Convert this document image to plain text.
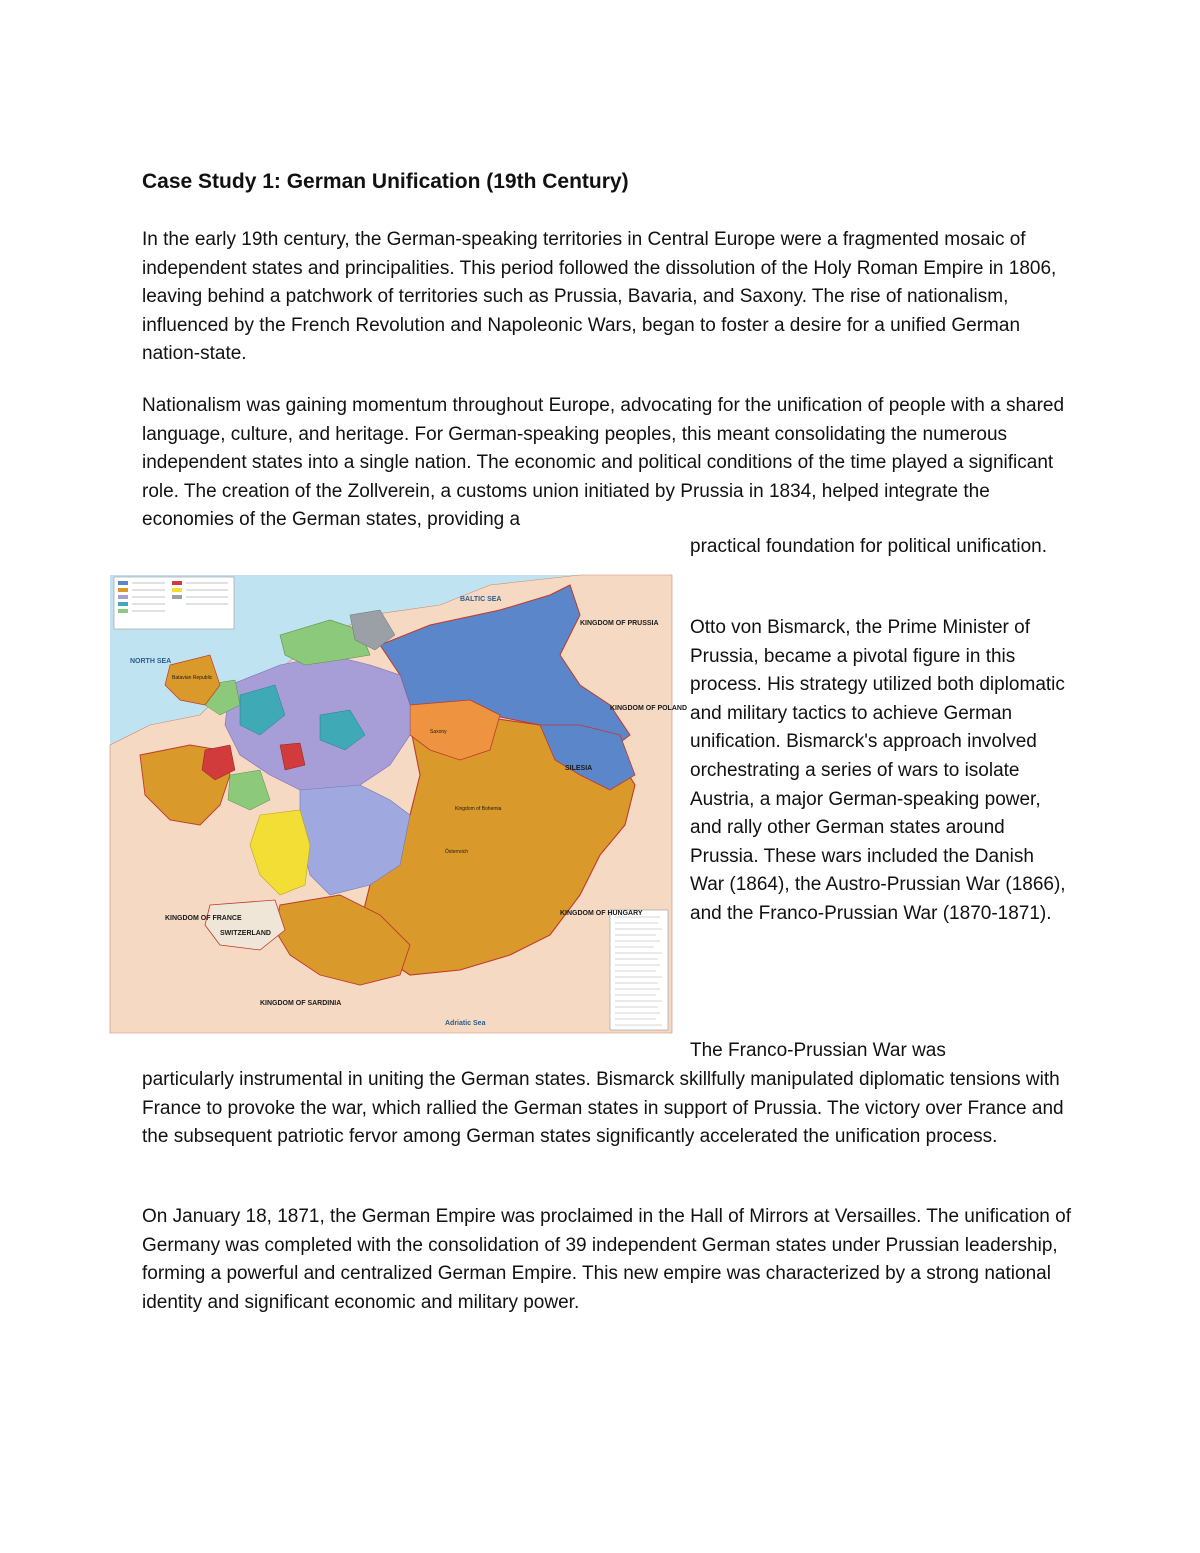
Case Study 1: German Unification (19th Century)

In the early 19th century, the German-speaking territories in Central Europe were a fragmented mosaic of independent states and principalities. This period followed the dissolution of the Holy Roman Empire in 1806, leaving behind a patchwork of territories such as Prussia, Bavaria, and Saxony. The rise of nationalism, influenced by the French Revolution and Napoleonic Wars, began to foster a desire for a unified German nation-state.

Nationalism was gaining momentum throughout Europe, advocating for the unification of people with a shared language, culture, and heritage. For German-speaking peoples, this meant consolidating the numerous independent states into a single nation. The economic and political conditions of the time played a significant role. The creation of the Zollverein, a customs union initiated by Prussia in 1834, helped integrate the economies of the German states, providing a

practical foundation for political unification.

Otto von Bismarck, the Prime Minister of Prussia, became a pivotal figure in this process. His strategy utilized both diplomatic and military tactics to achieve German unification. Bismarck's approach involved orchestrating a series of wars to isolate Austria, a major German-speaking power, and rally other German states around Prussia. These wars included the Danish War (1864), the Austro-Prussian War (1866), and the Franco-Prussian War (1870-1871).

The Franco-Prussian War was

particularly instrumental in uniting the German states. Bismarck skillfully manipulated diplomatic tensions with France to provoke the war, which rallied the German states in support of Prussia. The victory over France and the subsequent patriotic fervor among German states significantly accelerated the unification process.

On January 18, 1871, the German Empire was proclaimed in the Hall of Mirrors at Versailles. The unification of Germany was completed with the consolidation of 39 independent German states under Prussian leadership, forming a powerful and centralized German Empire. This new empire was characterized by a strong national identity and significant economic and military power.

BALTIC SEA
NORTH SEA
KINGDOM OF PRUSSIA
KINGDOM OF POLAND
SILESIA
KINGDOM OF FRANCE
KINGDOM OF HUNGARY
SWITZERLAND
KINGDOM OF SARDINIA
Adriatic Sea
Batavian Republic
Kingdom of Bohemia
Österreich
Saxony
